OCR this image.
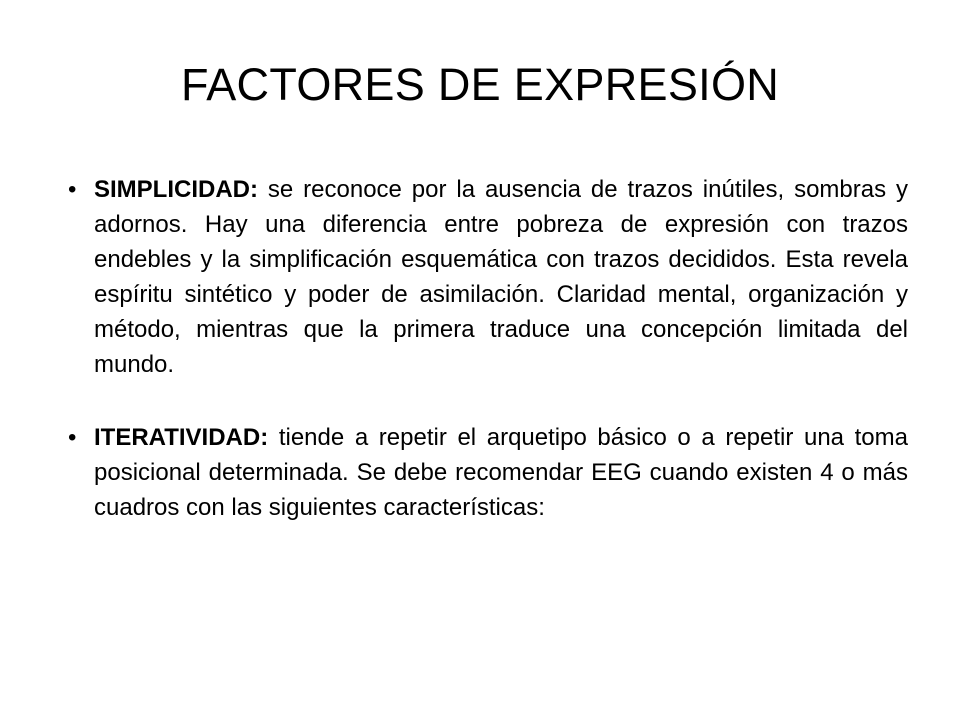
FACTORES DE EXPRESIÓN
• SIMPLICIDAD: se reconoce por la ausencia de trazos inútiles, sombras y adornos. Hay una diferencia entre pobreza de expresión con trazos endebles y la simplificación esquemática con trazos decididos. Esta revela espíritu sintético y poder de asimilación. Claridad mental, organización y método, mientras que la primera traduce una concepción limitada del mundo.
• ITERATIVIDAD: tiende a repetir el arquetipo básico o a repetir una toma posicional determinada. Se debe recomendar EEG cuando existen 4 o más cuadros con las siguientes características:
